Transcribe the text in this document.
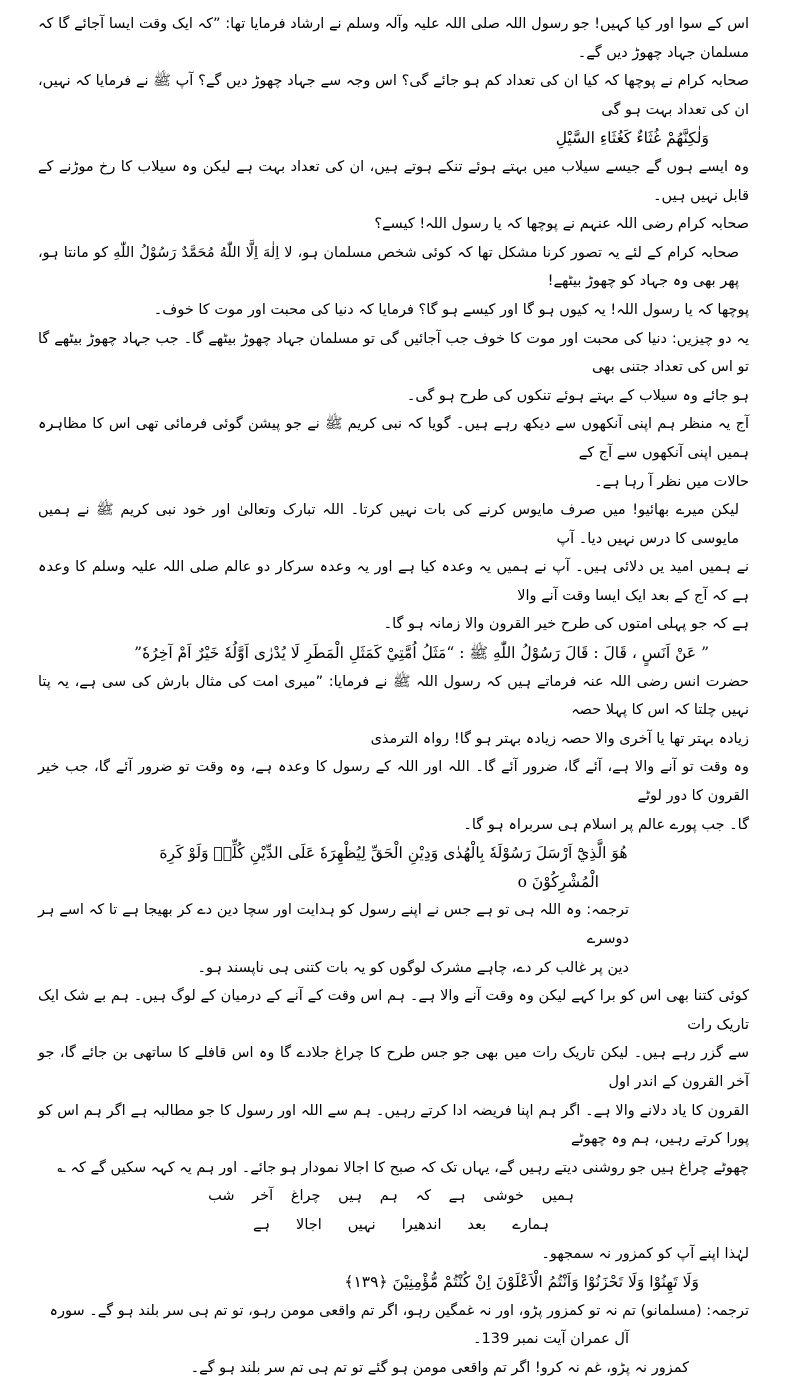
اس کے سوا اور کیا کہیں! جو رسول اللہ صلی اللہ علیہ وآلہ وسلم نے ارشاد فرمایا تھا: ”کہ ایک وقت ایسا آجائے گا کہ مسلمان جہاد چھوڑ دیں گے۔

صحابہ کرام نے پوچھا کہ کیا ان کی تعداد کم ہو جائے گی؟ اس وجہ سے جہاد چھوڑ دیں گے؟ آپ ﷺ نے فرمایا کہ نہیں، ان کی تعداد بہت ہو گی

وَلٰکِنَّهُمْ غُثَاءٌ كَغُثَاءِ السَّيْلِ

وہ ایسے ہوں گے جیسے سیلاب میں بہتے ہوئے تنکے ہوتے ہیں، ان کی تعداد بہت ہے لیکن وہ سیلاب کا رخ موڑنے کے قابل نہیں ہیں۔

صحابہ کرام رضی اللہ عنہم نے پوچھا کہ یا رسول اللہ! کیسے؟

صحابہ کرام کے لئے یہ تصور کرنا مشکل تھا کہ کوئی شخص مسلمان ہو، لا اِلٰهَ اِلَّا اللّٰهُ مُحَمَّدٌ رَسُوْلُ اللّٰهِ کو مانتا ہو، پھر بھی وہ جہاد کو چھوڑ بیٹھے!

پوچھا کہ یا رسول اللہ! یہ کیوں ہو گا اور کیسے ہو گا؟ فرمایا کہ دنیا کی محبت اور موت کا خوف۔

یہ دو چیزیں: دنیا کی محبت اور موت کا خوف جب آجائیں گی تو مسلمان جہاد چھوڑ بیٹھے گا۔ جب جہاد چھوڑ بیٹھے گا تو اس کی تعداد جتنی بھی

ہو جائے وہ سیلاب کے بہتے ہوئے تنکوں کی طرح ہو گی۔

آج یہ منظر ہم اپنی آنکھوں سے دیکھ رہے ہیں۔ گویا کہ نبی کریم ﷺ نے جو پیشن گوئی فرمائی تھی اس کا مظاہرہ ہمیں اپنی آنکھوں سے آج کے

حالات میں نظر آ رہا ہے۔

لیکن میرے بھائیو! میں صرف مایوس کرنے کی بات نہیں کرتا۔ اللہ تبارک وتعالیٰ اور خود نبی کریم ﷺ نے ہمیں مایوسی کا درس نہیں دیا۔ آپ

نے ہمیں امید یں دلائی ہیں۔ آپ نے ہمیں یہ وعدہ کیا ہے اور یہ وعدہ سرکار دو عالم صلی اللہ علیہ وسلم کا وعدہ ہے کہ آج کے بعد ایک ایسا وقت آنے والا

ہے کہ جو پہلی امتوں کی طرح خیر القرون والا زمانہ ہو گا۔

” عَنْ اَنَسٍ ، قَالَ : قَالَ رَسُوْلُ اللّٰهِ ﷺ : “مَثَلُ اُمَّتِيْ كَمَثَلِ الْمَطَرِ لَا يُدْرٰى اَوَّلُهٗ خَيْرٌ اَمْ آخِرُهٗ”

حضرت انس رضی اللہ عنہ فرماتے ہیں کہ رسول اللہ ﷺ نے فرمایا: ”میری امت کی مثال بارش کی سی ہے، یہ پتا نہیں چلتا کہ اس کا پہلا حصہ

زیادہ بہتر تھا یا آخری والا حصہ زیادہ بہتر ہو گا! رواہ الترمذی

وہ وقت تو آنے والا ہے، آئے گا، ضرور آئے گا۔ اللہ اور اللہ کے رسول کا وعدہ ہے، وہ وقت تو ضرور آئے گا، جب خیر القرون کا دور لوٹے

گا۔ جب پورے عالم پر اسلام ہی سربراہ ہو گا۔

هُوَ الَّذِيْٓ اَرْسَلَ رَسُوْلَهٗ بِالْهُدٰى وَدِيْنِ الْحَقِّ لِيُظْهِرَهٗ عَلَى الدِّيْنِ كُلِّهٖ وَلَوْ كَرِهَ

الْمُشْرِكُوْنَ o

ترجمہ: وہ اللہ ہی تو ہے جس نے اپنے رسول کو ہدایت اور سچا دین دے کر بھیجا ہے تا کہ اسے ہر دوسرے

دین پر غالب کر دے، چاہے مشرک لوگوں کو یہ بات کتنی ہی ناپسند ہو۔

کوئی کتنا بھی اس کو برا کہے لیکن وہ وقت آنے والا ہے۔ ہم اس وقت کے آنے کے درمیان کے لوگ ہیں۔ ہم بے شک ایک تاریک رات

سے گزر رہے ہیں۔ لیکن تاریک رات میں بھی جو جس طرح کا چراغ جلادے گا وہ اس قافلے کا ساتھی بن جائے گا، جو آخر القرون کے اندر اول

القرون کا یاد دلانے والا ہے۔ اگر ہم اپنا فریضہ ادا کرتے رہیں۔ ہم سے اللہ اور رسول کا جو مطالبہ ہے اگر ہم اس کو پورا کرتے رہیں، ہم وہ چھوٹے

چھوٹے چراغ ہیں جو روشنی دیتے رہیں گے، یہاں تک کہ صبح کا اجالا نمودار ہو جائے۔ اور ہم یہ کہہ سکیں گے کہ ؎

ہمیں
خوشی
ہے
کہ
ہم
ہیں
چراغ
آخر
شب
ہمارے
بعد
اندھیرا
نہیں
اجالا
ہے

لہٰذا اپنے آپ کو کمزور نہ سمجھو۔

وَلَا تَهِنُوْا وَلَا تَحْزَنُوْا وَاَنْتُمُ الْاَعْلَوْنَ اِنْ كُنْتُمْ مُّؤْمِنِيْنَ ﴿۱۳۹﴾

ترجمہ: (مسلمانو) تم نہ تو کمزور پڑو، اور نہ غمگین رہو، اگر تم واقعی مومن رہو، تو تم ہی سر بلند ہو گے۔ سورہ

آل عمران آیت نمبر 139۔

کمزور نہ پڑو، غم نہ کرو! اگر تم واقعی مومن ہو گئے تو تم ہی تم سر بلند ہو گے۔
